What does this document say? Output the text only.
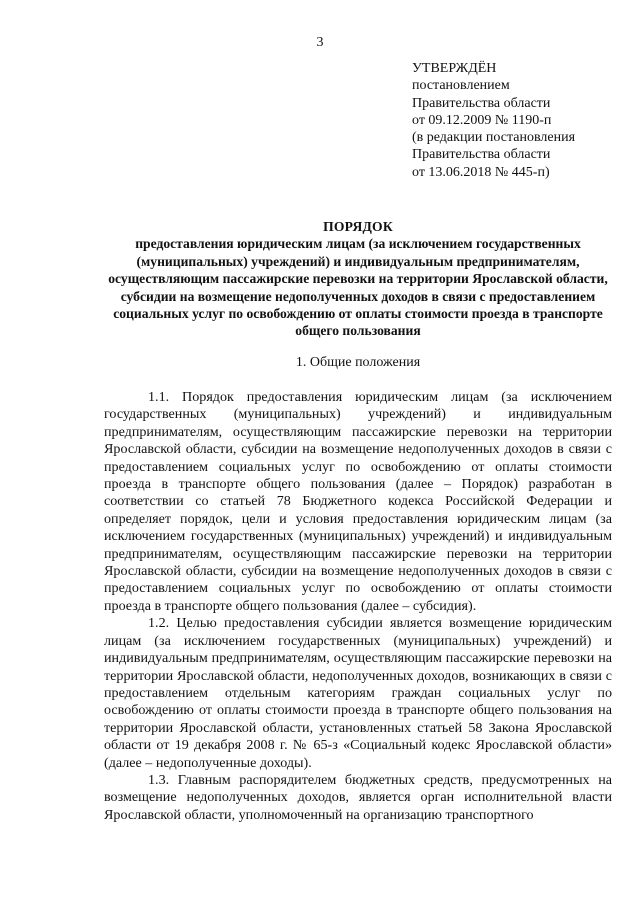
3
УТВЕРЖДЁН
постановлением
Правительства области
от 09.12.2009 № 1190-п
(в редакции постановления
Правительства области
от 13.06.2018 № 445-п)
ПОРЯДОК
предоставления юридическим лицам (за исключением государственных (муниципальных) учреждений) и индивидуальным предпринимателям, осуществляющим пассажирские перевозки на территории Ярославской области, субсидии на возмещение недополученных доходов в связи с предоставлением социальных услуг по освобождению от оплаты стоимости проезда в транспорте общего пользования
1. Общие положения

1.1. Порядок предоставления юридическим лицам (за исключением государственных (муниципальных) учреждений) и индивидуальным предпринимателям, осуществляющим пассажирские перевозки на территории Ярославской области, субсидии на возмещение недополученных доходов в связи с предоставлением социальных услуг по освобождению от оплаты стоимости проезда в транспорте общего пользования (далее – Порядок) разработан в соответствии со статьей 78 Бюджетного кодекса Российской Федерации и определяет порядок, цели и условия предоставления юридическим лицам (за исключением государственных (муниципальных) учреждений) и индивидуальным предпринимателям, осуществляющим пассажирские перевозки на территории Ярославской области, субсидии на возмещение недополученных доходов в связи с предоставлением социальных услуг по освобождению от оплаты стоимости проезда в транспорте общего пользования (далее – субсидия).

1.2. Целью предоставления субсидии является возмещение юридическим лицам (за исключением государственных (муниципальных) учреждений) и индивидуальным предпринимателям, осуществляющим пассажирские перевозки на территории Ярославской области, недополученных доходов, возникающих в связи с предоставлением отдельным категориям граждан социальных услуг по освобождению от оплаты стоимости проезда в транспорте общего пользования на территории Ярославской области, установленных статьей 58 Закона Ярославской области от 19 декабря 2008 г. № 65-з «Социальный кодекс Ярославской области» (далее – недополученные доходы).

1.3. Главным распорядителем бюджетных средств, предусмотренных на возмещение недополученных доходов, является орган исполнительной власти Ярославской области, уполномоченный на организацию транспортного
